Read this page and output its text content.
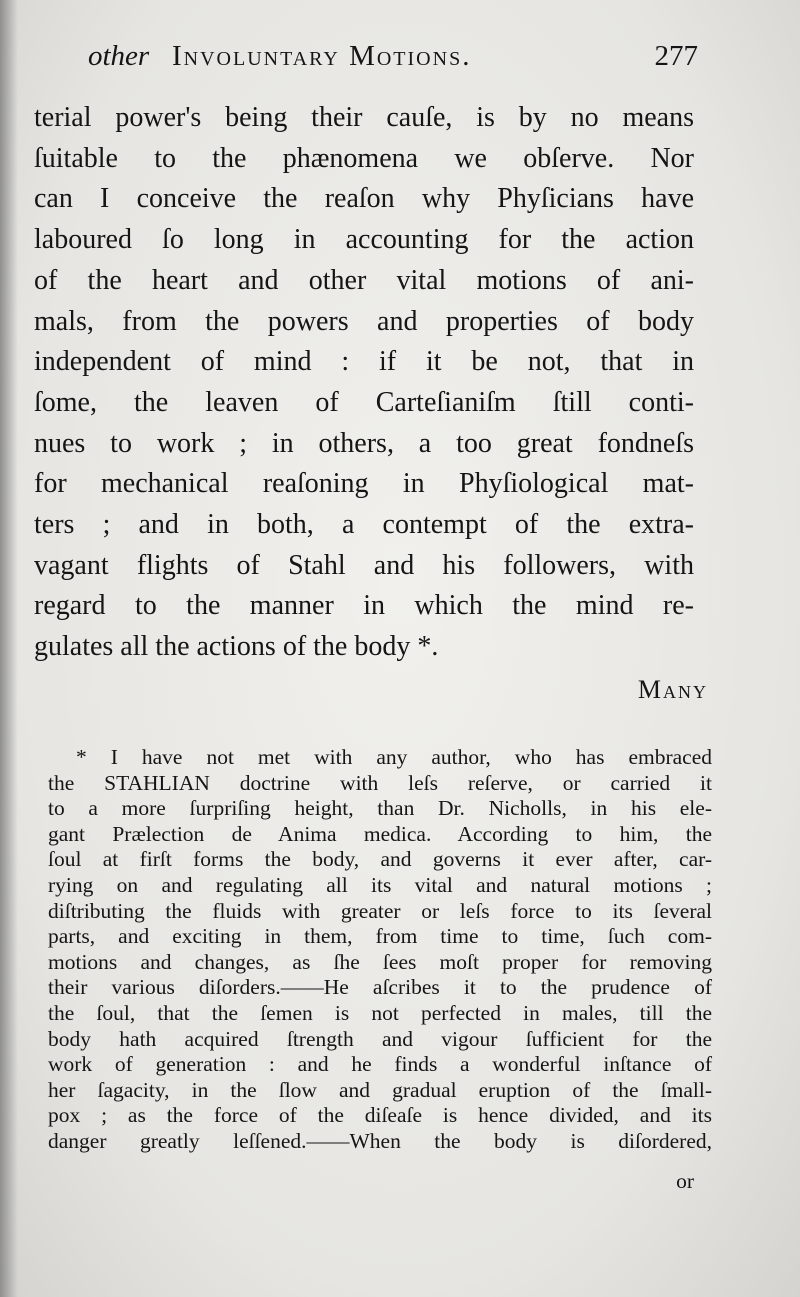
other Involuntary Motions.	277
terial power's being their cauſe, is by no means
ſuitable to the phænomena we obſerve. Nor
can I conceive the reaſon why Phyſicians have
laboured ſo long in accounting for the action
of the heart and other vital motions of ani-
mals, from the powers and properties of body
independent of mind : if it be not, that in
ſome, the leaven of Carteſianiſm ſtill conti-
nues to work ; in others, a too great fondneſs
for mechanical reaſoning in Phyſiological mat-
ters ; and in both, a contempt of the extra-
vagant flights of Stahl and his followers, with
regard to the manner in which the mind re-
gulates all the actions of the body *.
Many
* I have not met with any author, who has embraced
the STAHLIAN doctrine with leſs reſerve, or carried it
to a more ſurpriſing height, than Dr. Nicholls, in his ele-
gant Prælection de Anima medica. According to him, the
ſoul at firſt forms the body, and governs it ever after, car-
rying on and regulating all its vital and natural motions ;
diſtributing the fluids with greater or leſs force to its ſeveral
parts, and exciting in them, from time to time, ſuch com-
motions and changes, as ſhe ſees moſt proper for removing
their various diſorders.——He aſcribes it to the prudence of
the ſoul, that the ſemen is not perfected in males, till the
body hath acquired ſtrength and vigour ſufficient for the
work of generation : and he finds a wonderful inſtance of
her ſagacity, in the ſlow and gradual eruption of the ſmall-
pox ; as the force of the diſeaſe is hence divided, and its
danger greatly leſſened.——When the body is diſordered,
or
